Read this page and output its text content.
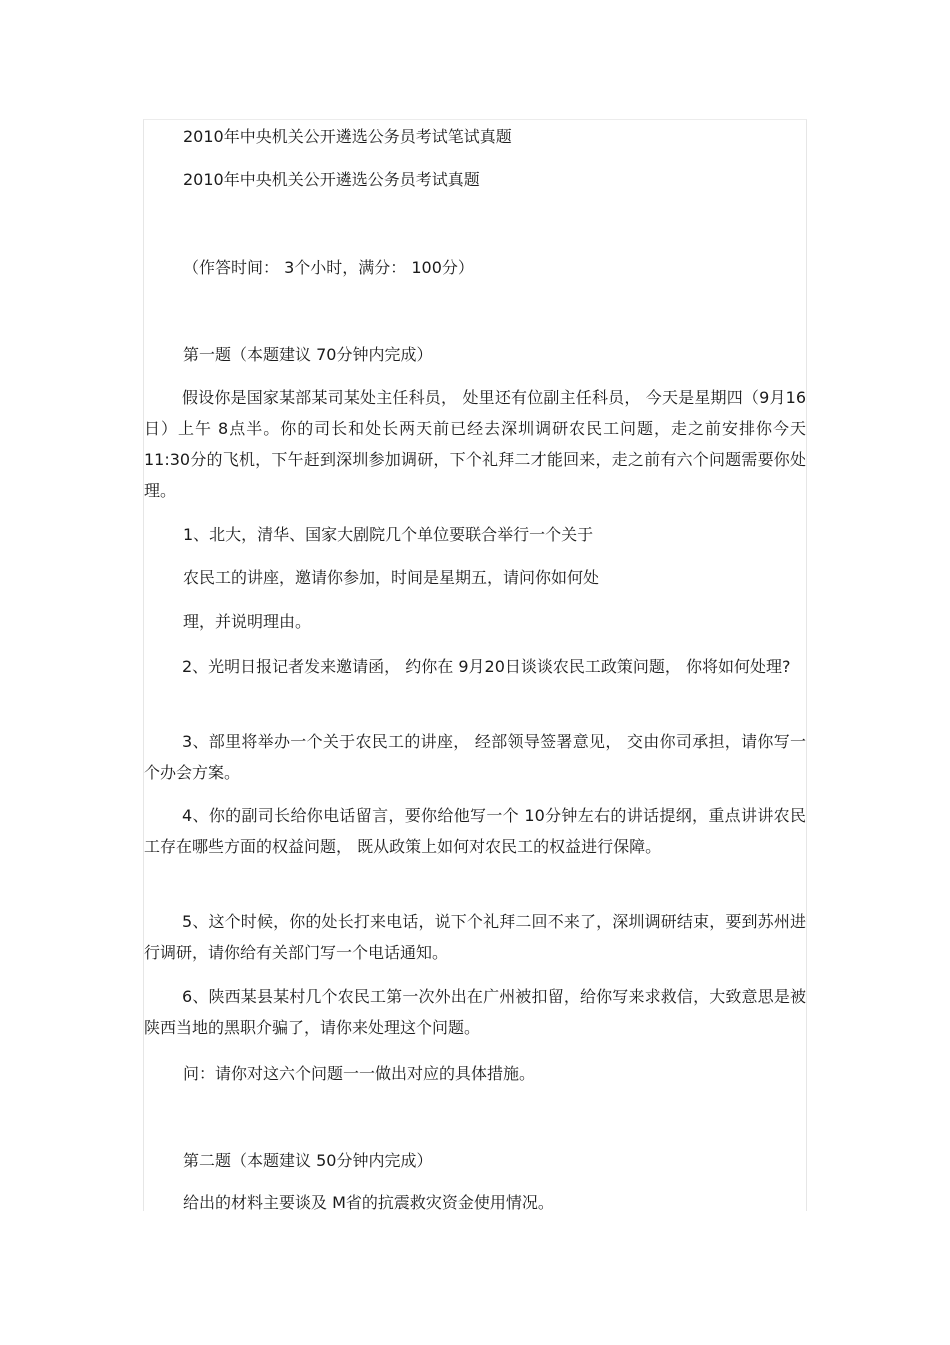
2010年中央机关公开遴选公务员考试笔试真题
2010年中央机关公开遴选公务员考试真题
（作答时间： 3个小时，满分： 100分）
第一题（本题建议 70分钟内完成）
假设你是国家某部某司某处主任科员， 处里还有位副主任科员， 今天是星期四（9月16日）上午 8点半。你的司长和处长两天前已经去深圳调研农民工问题，走之前安排你今天 11:30分的飞机，下午赶到深圳参加调研，下个礼拜二才能回来，走之前有六个问题需要你处理。
1、北大，清华、国家大剧院几个单位要联合举行一个关于
农民工的讲座，邀请你参加，时间是星期五，请问你如何处
理，并说明理由。
2、光明日报记者发来邀请函， 约你在 9月20日谈谈农民工政策问题， 你将如何处理?
3、部里将举办一个关于农民工的讲座， 经部领导签署意见， 交由你司承担，请你写一个办会方案。
4、你的副司长给你电话留言，要你给他写一个 10分钟左右的讲话提纲，重点讲讲农民工存在哪些方面的权益问题， 既从政策上如何对农民工的权益进行保障。
5、这个时候，你的处长打来电话，说下个礼拜二回不来了，深圳调研结束，要到苏州进行调研，请你给有关部门写一个电话通知。
6、陕西某县某村几个农民工第一次外出在广州被扣留，给你写来求救信，大致意思是被陕西当地的黑职介骗了，请你来处理这个问题。
问：请你对这六个问题一一做出对应的具体措施。
第二题（本题建议 50分钟内完成）
给出的材料主要谈及 M省的抗震救灾资金使用情况。
